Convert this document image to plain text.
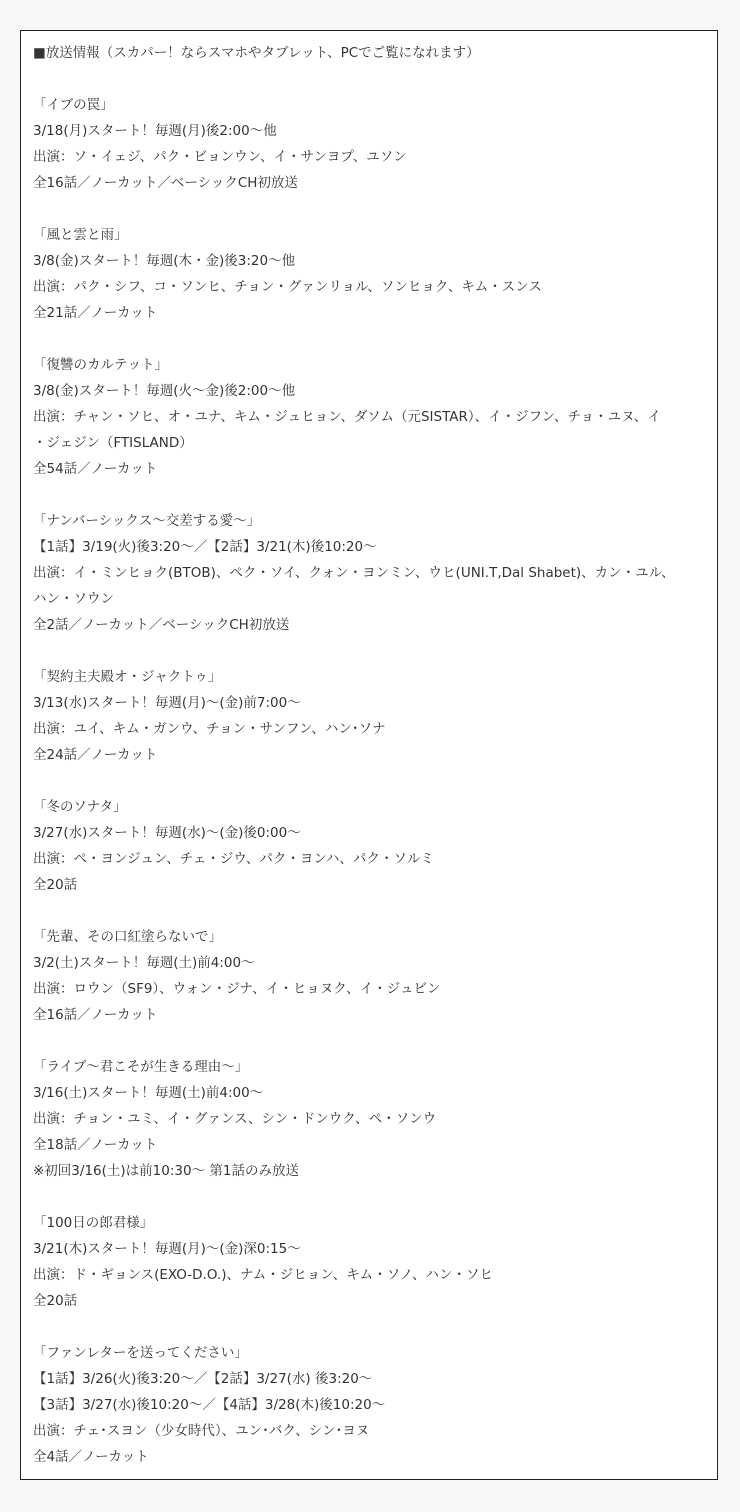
■放送情報（スカパー！ならスマホやタブレット、PCでご覧になれます）
「イブの罠」
3/18(月)スタート！毎週(月)後2:00〜他
出演：ソ・イェジ、パク・ビョンウン、イ・サンヨプ、ユソン
全16話／ノーカット／ベーシックCH初放送
「風と雲と雨」
3/8(金)スタート！毎週(木・金)後3:20〜他
出演：パク・シフ、コ・ソンヒ、チョン・グァンリョル、ソンヒョク、キム・スンス
全21話／ノーカット
「復讐のカルテット」
3/8(金)スタート！毎週(火〜金)後2:00〜他
出演：チャン・ソヒ、オ・ユナ、キム・ジュヒョン、ダソム（元SISTAR）、イ・ジフン、チョ・ユヌ、イ
・ジェジン（FTISLAND）
全54話／ノーカット
「ナンバーシックス〜交差する愛〜」
【1話】3/19(火)後3:20〜／【2話】3/21(木)後10:20〜
出演：イ・ミンヒョク(BTOB)、ペク・ソイ、クォン・ヨンミン、ウヒ(UNI.T,Dal Shabet)、カン・ユル、
ハン・ソウン
全2話／ノーカット／ベーシックCH初放送
「契約主夫殿オ・ジャクトゥ」
3/13(水)スタート！毎週(月)〜(金)前7:00〜
出演：ユイ、キム・ガンウ、チョン・サンフン、ハン･ソナ
全24話／ノーカット
「冬のソナタ」
3/27(水)スタート！毎週(水)〜(金)後0:00〜
出演：ペ・ヨンジュン、チェ・ジウ、パク・ヨンハ、パク・ソルミ
全20話
「先輩、その口紅塗らないで」
3/2(土)スタート！毎週(土)前4:00〜
出演：ロウン（SF9）、ウォン・ジナ、イ・ヒョヌク、イ・ジュビン
全16話／ノーカット
「ライブ〜君こそが生きる理由〜」
3/16(土)スタート！毎週(土)前4:00〜
出演：チョン・ユミ、イ・グァンス、シン・ドンウク、ペ・ソンウ
全18話／ノーカット
※初回3/16(土)は前10:30〜 第1話のみ放送
「100日の郎君様」
3/21(木)スタート！毎週(月)〜(金)深0:15〜
出演：ド・ギョンス(EXO-D.O.)、ナム・ジヒョン、キム・ソノ、ハン・ソヒ
全20話
「ファンレターを送ってください」
【1話】3/26(火)後3:20〜／【2話】3/27(水) 後3:20〜
【3話】3/27(水)後10:20〜／【4話】3/28(木)後10:20〜
出演：チェ･スヨン（少女時代）、ユン･バク、シン･ヨヌ
全4話／ノーカット
